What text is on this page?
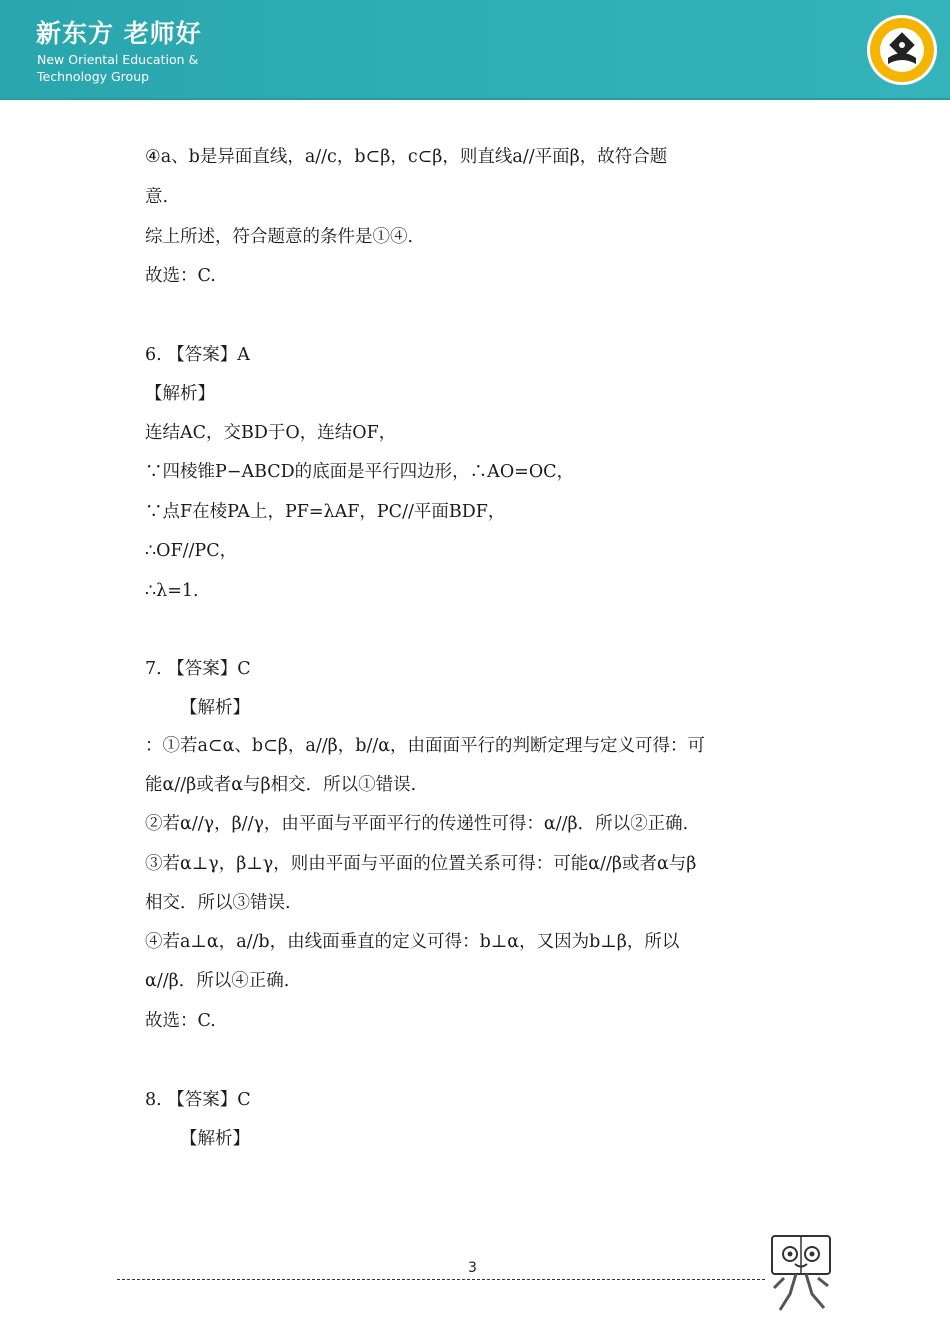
新东方 老师好
New Oriental Education &
Technology Group
④a、b是异面直线，a//c，b⊂β，c⊂β，则直线a//平面β，故符合题
意.
综上所述，符合题意的条件是①④.
故选：C.
6. 【答案】A
【解析】
连结AC，交BD于O，连结OF，
∵四棱锥P−ABCD的底面是平行四边形，∴AO=OC，
∵点F在棱PA上，PF=λAF，PC//平面BDF，
∴OF//PC，
∴λ=1.
7. 【答案】C
【解析】
：①若a⊂α、b⊂β，a//β，b//α，由面面平行的判断定理与定义可得：可
能α//β或者α与β相交．所以①错误.
②若α//γ，β//γ，由平面与平面平行的传递性可得：α//β．所以②正确.
③若α⊥γ，β⊥γ，则由平面与平面的位置关系可得：可能α//β或者α与β
相交．所以③错误.
④若a⊥α，a//b，由线面垂直的定义可得：b⊥α，又因为b⊥β，所以
α//β．所以④正确.
故选：C.
8. 【答案】C
【解析】
3
